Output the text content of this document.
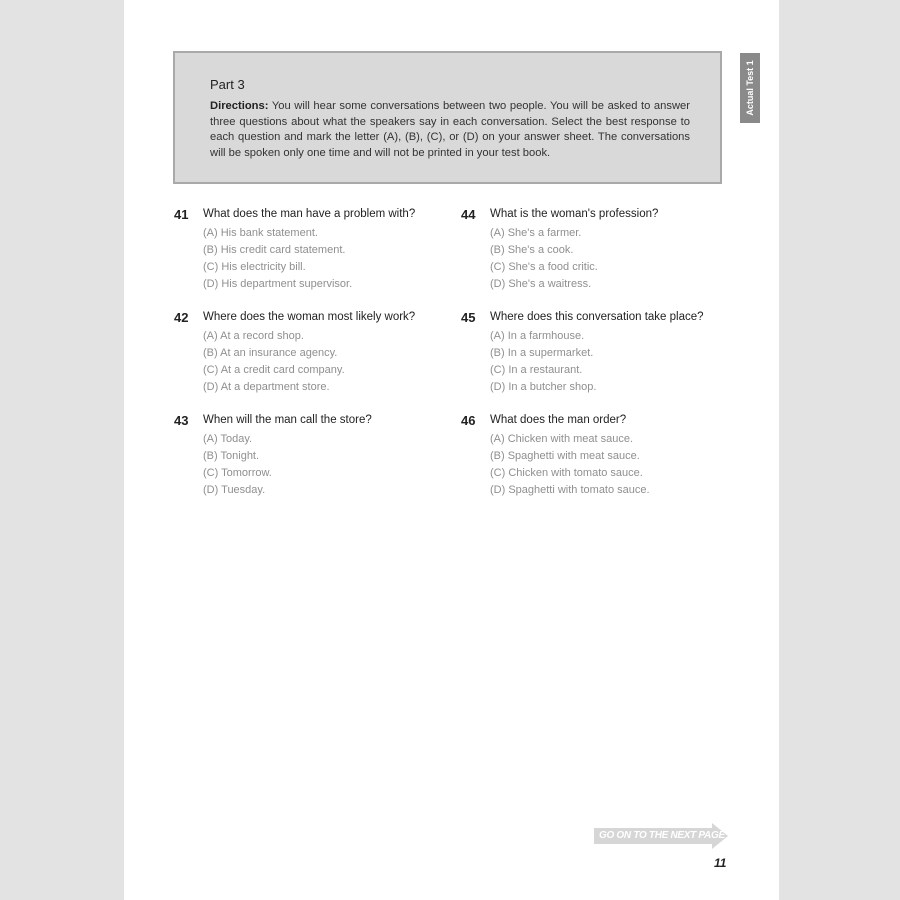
Part 3
Directions: You will hear some conversations between two people. You will be asked to answer three questions about what the speakers say in each conversation. Select the best response to each question and mark the letter (A), (B), (C), or (D) on your answer sheet. The conversations will be spoken only one time and will not be printed in your test book.
Actual Test 1
41 What does the man have a problem with?
(A) His bank statement.
(B) His credit card statement.
(C) His electricity bill.
(D) His department supervisor.
42 Where does the woman most likely work?
(A) At a record shop.
(B) At an insurance agency.
(C) At a credit card company.
(D) At a department store.
43 When will the man call the store?
(A) Today.
(B) Tonight.
(C) Tomorrow.
(D) Tuesday.
44 What is the woman's profession?
(A) She's a farmer.
(B) She's a cook.
(C) She's a food critic.
(D) She's a waitress.
45 Where does this conversation take place?
(A) In a farmhouse.
(B) In a supermarket.
(C) In a restaurant.
(D) In a butcher shop.
46 What does the man order?
(A) Chicken with meat sauce.
(B) Spaghetti with meat sauce.
(C) Chicken with tomato sauce.
(D) Spaghetti with tomato sauce.
GO ON TO THE NEXT PAGE
11
